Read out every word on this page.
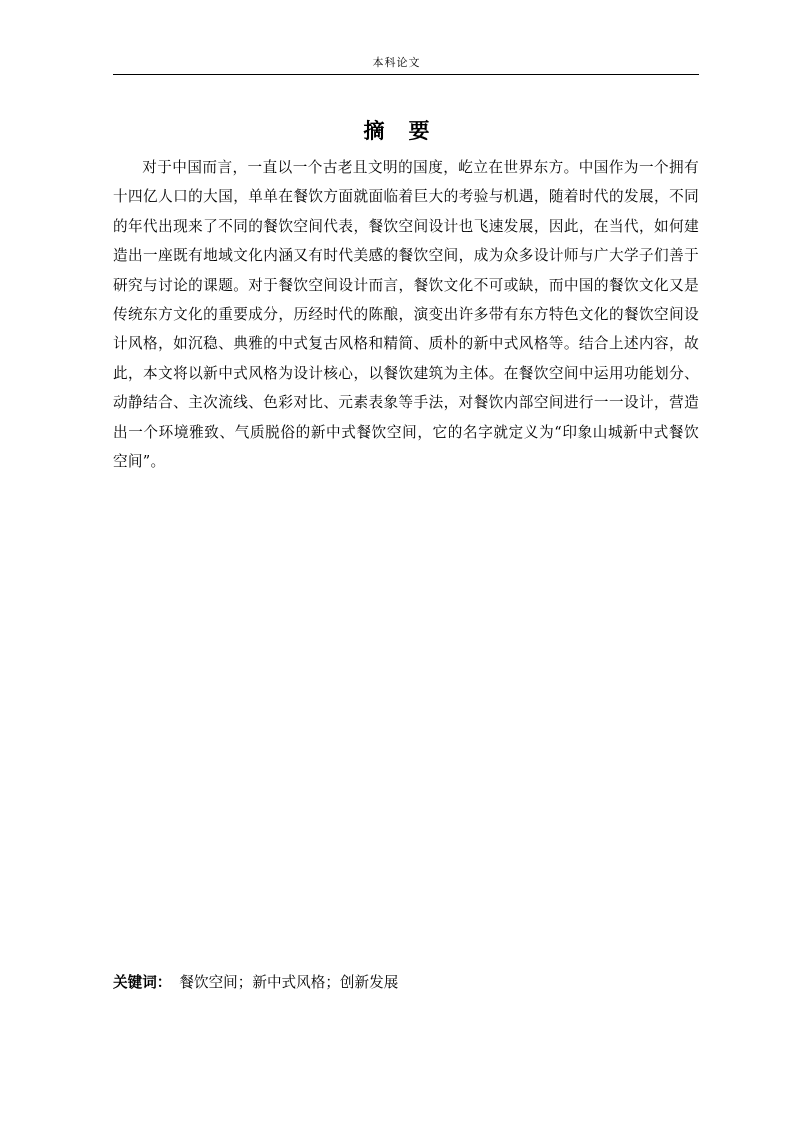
本科论文
摘 要

对于中国而言，一直以一个古老且文明的国度，屹立在世界东方。中国作为一个拥有十四亿人口的大国，单单在餐饮方面就面临着巨大的考验与机遇，随着时代的发展，不同的年代出现来了不同的餐饮空间代表，餐饮空间设计也飞速发展，因此，在当代，如何建造出一座既有地域文化内涵又有时代美感的餐饮空间，成为众多设计师与广大学子们善于研究与讨论的课题。对于餐饮空间设计而言，餐饮文化不可或缺，而中国的餐饮文化又是传统东方文化的重要成分，历经时代的陈酿，演变出许多带有东方特色文化的餐饮空间设计风格，如沉稳、典雅的中式复古风格和精简、质朴的新中式风格等。结合上述内容，故此，本文将以新中式风格为设计核心，以餐饮建筑为主体。在餐饮空间中运用功能划分、动静结合、主次流线、色彩对比、元素表象等手法，对餐饮内部空间进行一一设计，营造出一个环境雅致、气质脱俗的新中式餐饮空间，它的名字就定义为“印象山城新中式餐饮空间”。

关键词： 餐饮空间；新中式风格；创新发展
